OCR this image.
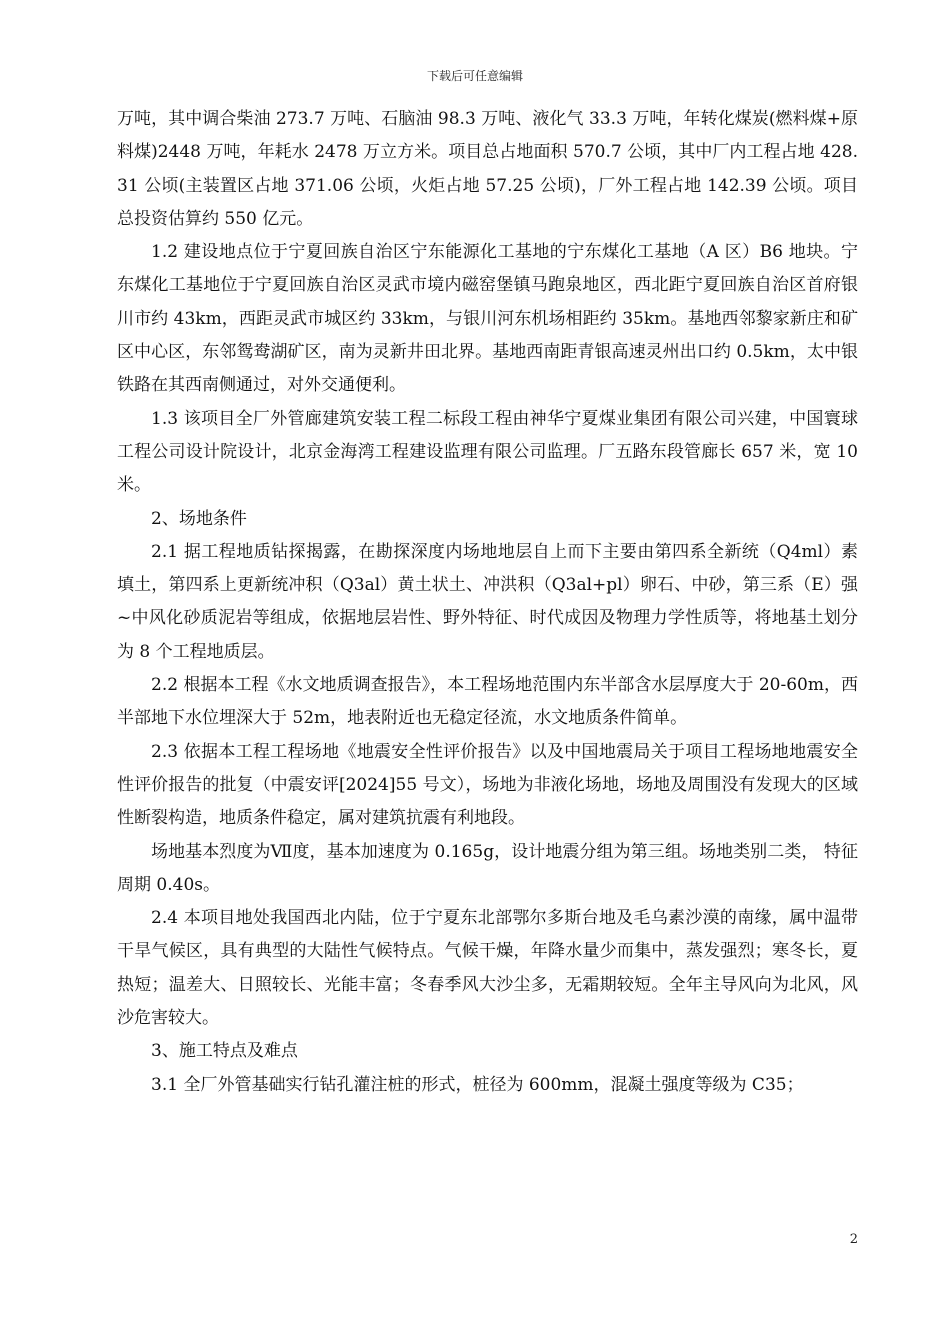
下载后可任意编辑

万吨，其中调合柴油 273.7 万吨、石脑油 98.3 万吨、液化气 33.3 万吨，年转化煤炭(燃料煤+原料煤)2448 万吨，年耗水 2478 万立方米。项目总占地面积 570.7 公顷，其中厂内工程占地 428.31 公顷(主装置区占地 371.06 公顷，火炬占地 57.25 公顷)，厂外工程占地 142.39 公顷。项目总投资估算约 550 亿元。

1.2 建设地点位于宁夏回族自治区宁东能源化工基地的宁东煤化工基地（A 区）B6 地块。宁东煤化工基地位于宁夏回族自治区灵武市境内磁窑堡镇马跑泉地区，西北距宁夏回族自治区首府银川市约 43km，西距灵武市城区约 33km，与银川河东机场相距约 35km。基地西邻黎家新庄和矿区中心区，东邻鸳鸯湖矿区，南为灵新井田北界。基地西南距青银高速灵州出口约 0.5km，太中银铁路在其西南侧通过，对外交通便利。

1.3 该项目全厂外管廊建筑安装工程二标段工程由神华宁夏煤业集团有限公司兴建，中国寰球工程公司设计院设计，北京金海湾工程建设监理有限公司监理。厂五路东段管廊长 657 米，宽 10 米。

2、场地条件

2.1 据工程地质钻探揭露，在勘探深度内场地地层自上而下主要由第四系全新统（Q4ml）素填土，第四系上更新统冲积（Q3al）黄土状土、冲洪积（Q3al+pl）卵石、中砂，第三系（E）强~中风化砂质泥岩等组成，依据地层岩性、野外特征、时代成因及物理力学性质等，将地基土划分为 8 个工程地质层。

2.2 根据本工程《水文地质调查报告》，本工程场地范围内东半部含水层厚度大于 20-60m，西半部地下水位埋深大于 52m，地表附近也无稳定径流，水文地质条件简单。

2.3 依据本工程工程场地《地震安全性评价报告》以及中国地震局关于项目工程场地地震安全性评价报告的批复（中震安评[2024]55 号文），场地为非液化场地，场地及周围没有发现大的区域性断裂构造，地质条件稳定，属对建筑抗震有利地段。

场地基本烈度为Ⅶ度，基本加速度为 0.165g，设计地震分组为第三组。场地类别二类， 特征周期 0.40s。

2.4 本项目地处我国西北内陆，位于宁夏东北部鄂尔多斯台地及毛乌素沙漠的南缘，属中温带干旱气候区，具有典型的大陆性气候特点。气候干燥，年降水量少而集中，蒸发强烈；寒冬长，夏热短；温差大、日照较长、光能丰富；冬春季风大沙尘多，无霜期较短。全年主导风向为北风，风沙危害较大。

3、施工特点及难点

3.1 全厂外管基础实行钻孔灌注桩的形式，桩径为 600mm，混凝土强度等级为 C35；

2
